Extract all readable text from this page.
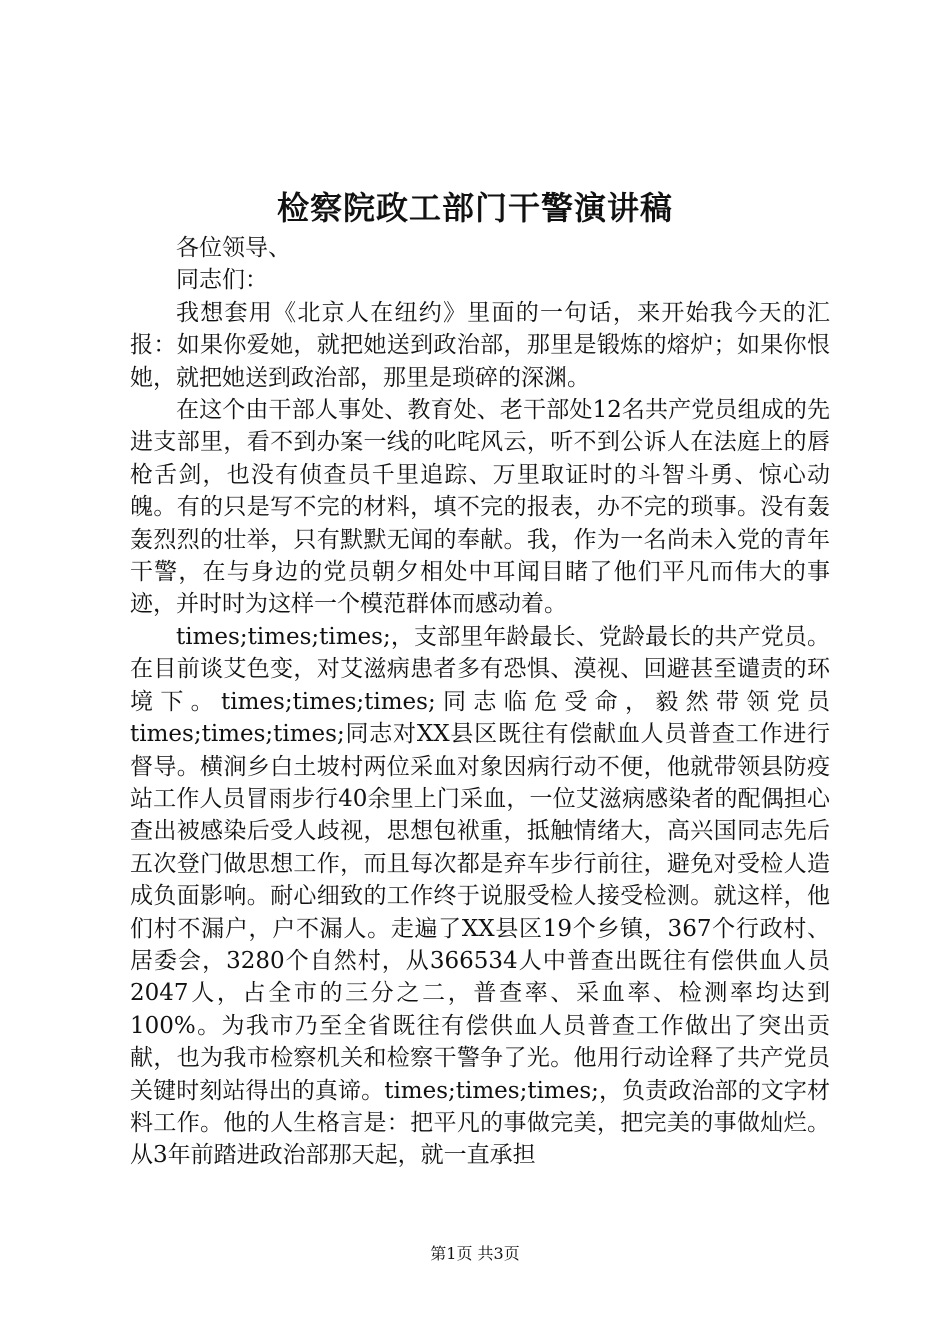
检察院政工部门干警演讲稿

各位领导、

同志们：

我想套用《北京人在纽约》里面的一句话，来开始我今天的汇报：如果你爱她，就把她送到政治部，那里是锻炼的熔炉；如果你恨她，就把她送到政治部，那里是琐碎的深渊。

在这个由干部人事处、教育处、老干部处12名共产党员组成的先进支部里，看不到办案一线的叱咤风云，听不到公诉人在法庭上的唇枪舌剑，也没有侦查员千里追踪、万里取证时的斗智斗勇、惊心动魄。有的只是写不完的材料，填不完的报表，办不完的琐事。没有轰轰烈烈的壮举，只有默默无闻的奉献。我，作为一名尚未入党的青年干警，在与身边的党员朝夕相处中耳闻目睹了他们平凡而伟大的事迹，并时时为这样一个模范群体而感动着。

times;times;times;，支部里年龄最长、党龄最长的共产党员。在目前谈艾色变，对艾滋病患者多有恐惧、漠视、回避甚至谴责的环境下。times;times;times;同志临危受命，毅然带领党员times;times;times;同志对XX县区既往有偿献血人员普查工作进行督导。横涧乡白土坡村两位采血对象因病行动不便，他就带领县防疫站工作人员冒雨步行40余里上门采血，一位艾滋病感染者的配偶担心查出被感染后受人歧视，思想包袱重，抵触情绪大，高兴国同志先后五次登门做思想工作，而且每次都是弃车步行前往，避免对受检人造成负面影响。耐心细致的工作终于说服受检人接受检测。就这样，他们村不漏户，户不漏人。走遍了XX县区19个乡镇，367个行政村、居委会，3280个自然村，从366534人中普查出既往有偿供血人员2047人，占全市的三分之二，普查率、采血率、检测率均达到100%。为我市乃至全省既往有偿供血人员普查工作做出了突出贡献，也为我市检察机关和检察干警争了光。他用行动诠释了共产党员关键时刻站得出的真谛。times;times;times;，负责政治部的文字材料工作。他的人生格言是：把平凡的事做完美，把完美的事做灿烂。从3年前踏进政治部那天起，就一直承担

第1页 共3页
